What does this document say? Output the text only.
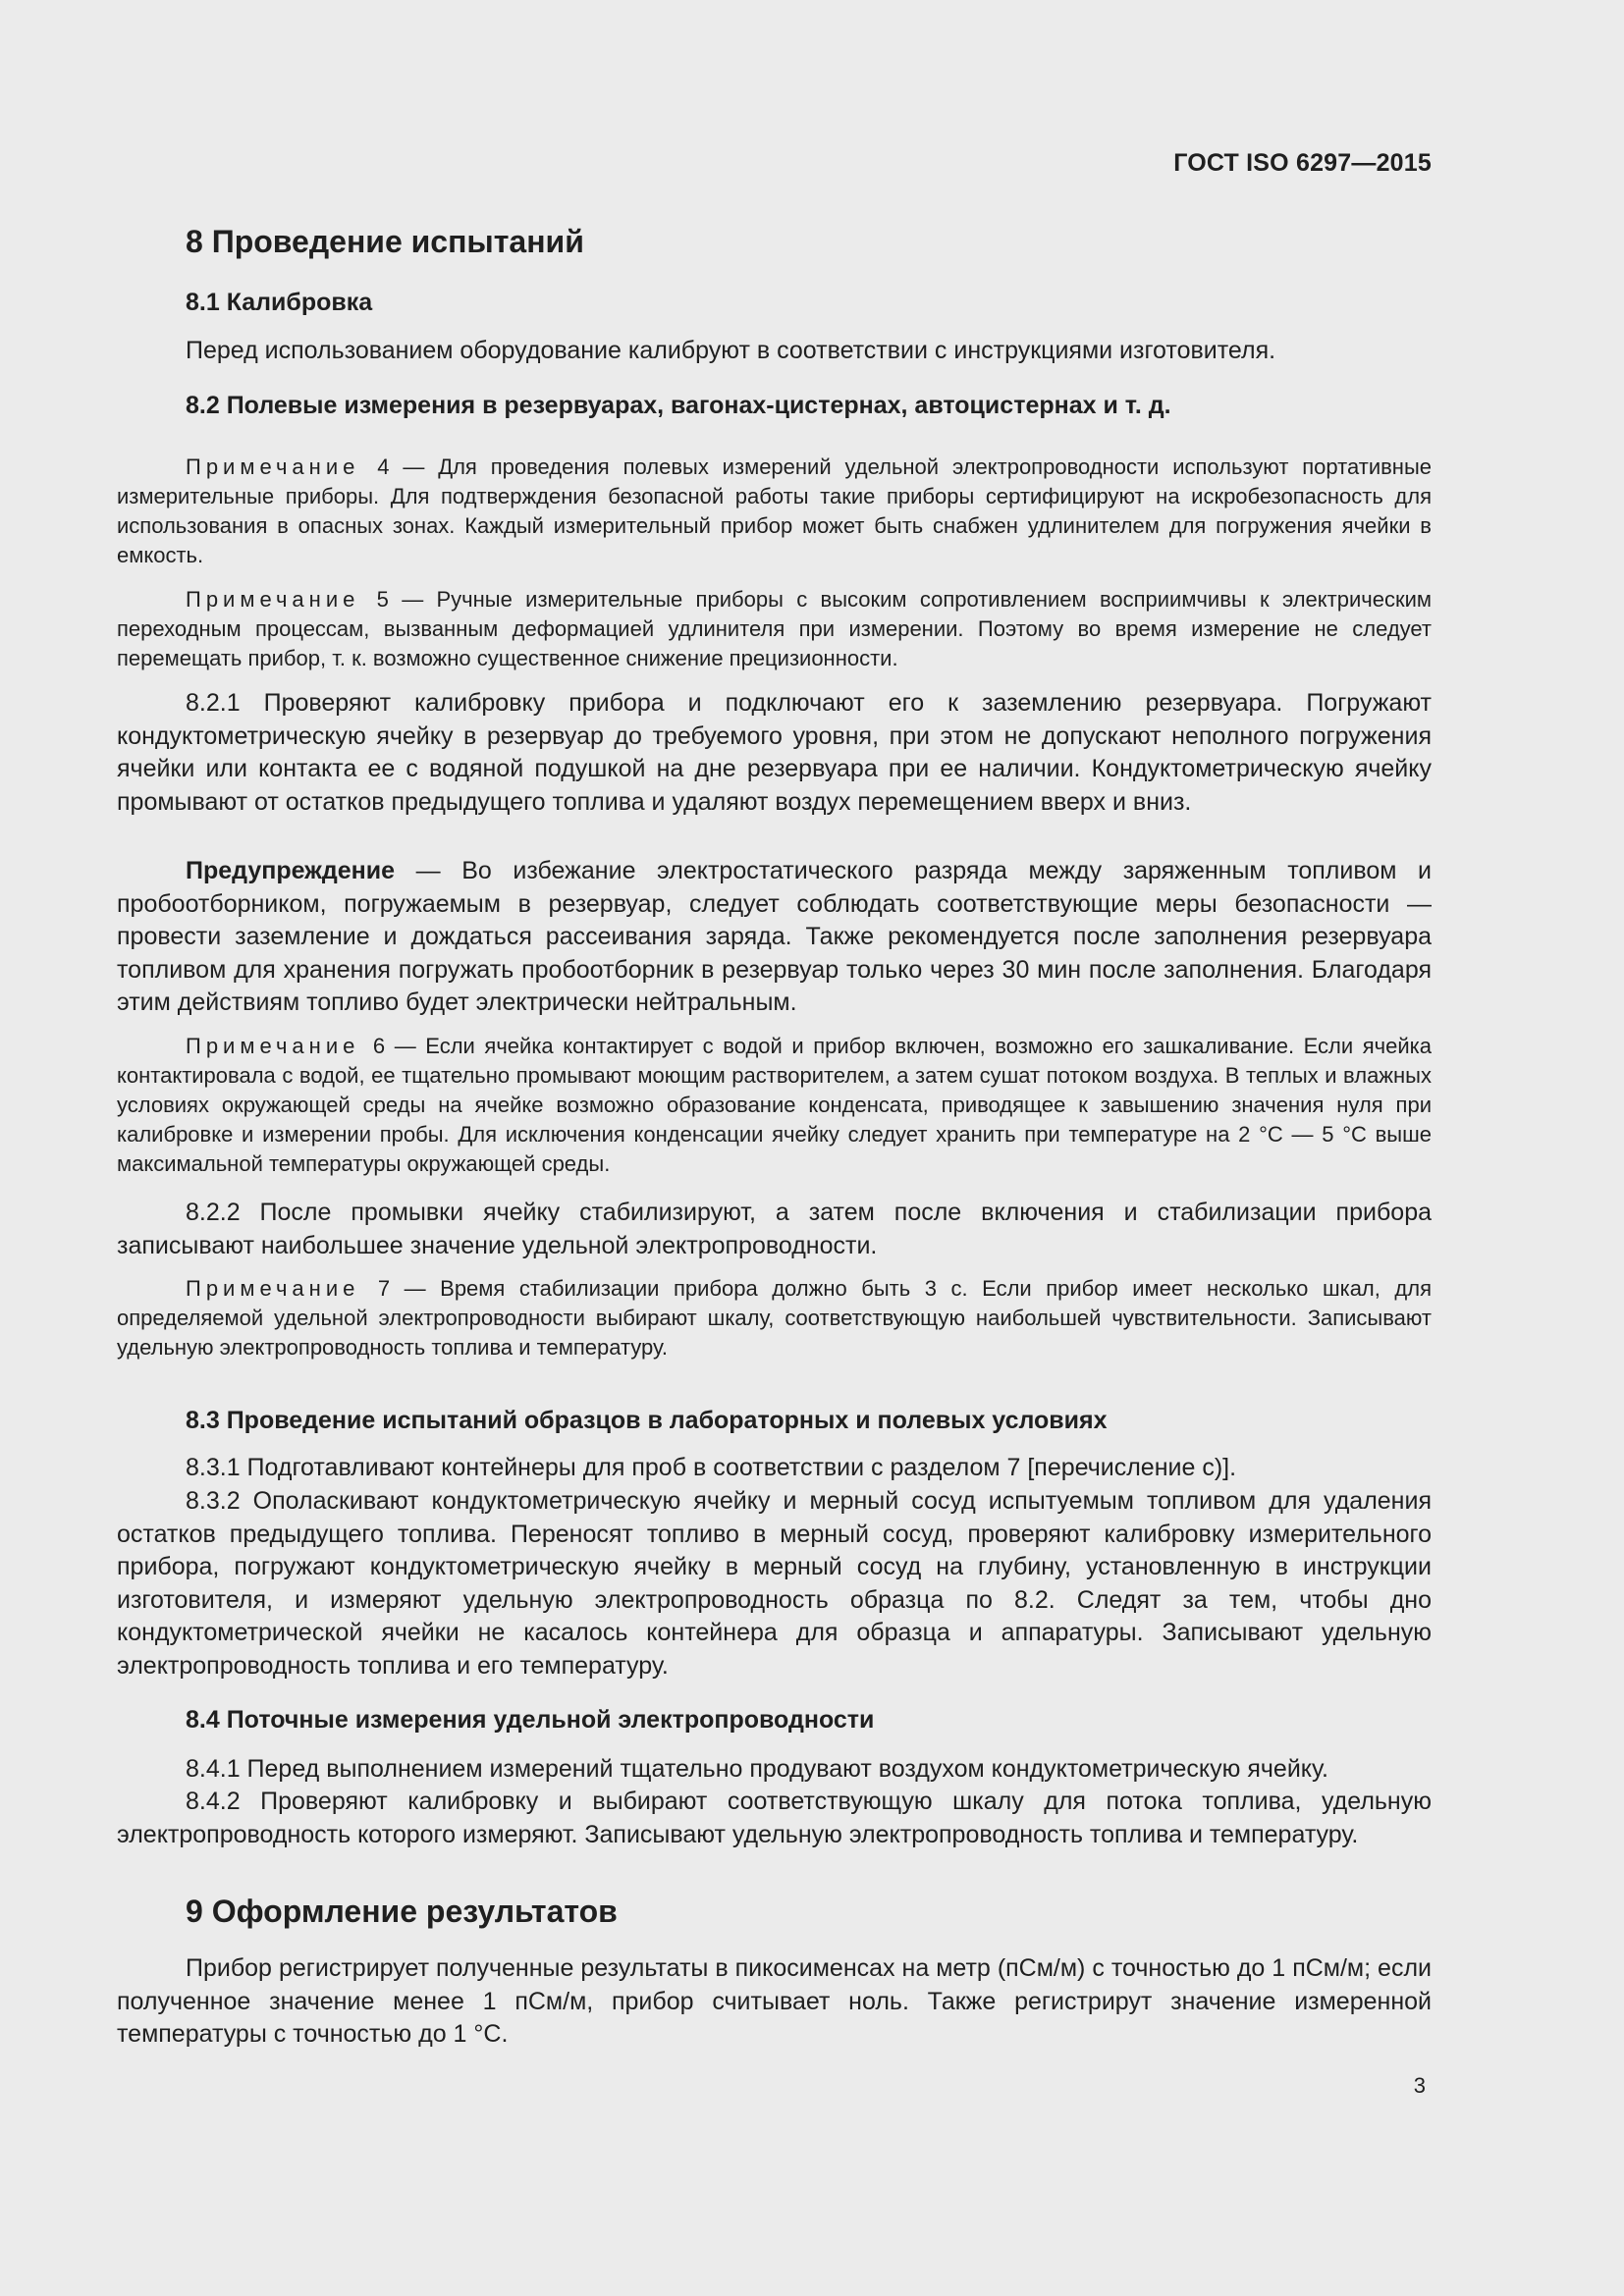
ГОСТ ISO 6297—2015
8 Проведение испытаний
8.1 Калибровка
Перед использованием оборудование калибруют в соответствии с инструкциями изготовителя.
8.2 Полевые измерения в резервуарах, вагонах-цистернах, автоцистернах и т. д.
Примечание 4 — Для проведения полевых измерений удельной электропроводности используют портативные измерительные приборы. Для подтверждения безопасной работы такие приборы сертифицируют на искробезопасность для использования в опасных зонах. Каждый измерительный прибор может быть снабжен удлинителем для погружения ячейки в емкость.
Примечание 5 — Ручные измерительные приборы с высоким сопротивлением восприимчивы к электрическим переходным процессам, вызванным деформацией удлинителя при измерении. Поэтому во время измерение не следует перемещать прибор, т. к. возможно существенное снижение прецизионности.
8.2.1 Проверяют калибровку прибора и подключают его к заземлению резервуара. Погружают кондуктометрическую ячейку в резервуар до требуемого уровня, при этом не допускают неполного погружения ячейки или контакта ее с водяной подушкой на дне резервуара при ее наличии. Кондуктометрическую ячейку промывают от остатков предыдущего топлива и удаляют воздух перемещением вверх и вниз.
Предупреждение — Во избежание электростатического разряда между заряженным топливом и пробоотборником, погружаемым в резервуар, следует соблюдать соответствующие меры безопасности — провести заземление и дождаться рассеивания заряда. Также рекомендуется после заполнения резервуара топливом для хранения погружать пробоотборник в резервуар только через 30 мин после заполнения. Благодаря этим действиям топливо будет электрически нейтральным.
Примечание 6 — Если ячейка контактирует с водой и прибор включен, возможно его зашкаливание. Если ячейка контактировала с водой, ее тщательно промывают моющим растворителем, а затем сушат потоком воздуха. В теплых и влажных условиях окружающей среды на ячейке возможно образование конденсата, приводящее к завышению значения нуля при калибровке и измерении пробы. Для исключения конденсации ячейку следует хранить при температуре на 2 °C — 5 °C выше максимальной температуры окружающей среды.
8.2.2 После промывки ячейку стабилизируют, а затем после включения и стабилизации прибора записывают наибольшее значение удельной электропроводности.
Примечание 7 — Время стабилизации прибора должно быть 3 с. Если прибор имеет несколько шкал, для определяемой удельной электропроводности выбирают шкалу, соответствующую наибольшей чувствительности. Записывают удельную электропроводность топлива и температуру.
8.3 Проведение испытаний образцов в лабораторных и полевых условиях
8.3.1 Подготавливают контейнеры для проб в соответствии с разделом 7 [перечисление с)].
8.3.2 Ополаскивают кондуктометрическую ячейку и мерный сосуд испытуемым топливом для удаления остатков предыдущего топлива. Переносят топливо в мерный сосуд, проверяют калибровку измерительного прибора, погружают кондуктометрическую ячейку в мерный сосуд на глубину, установленную в инструкции изготовителя, и измеряют удельную электропроводность образца по 8.2. Следят за тем, чтобы дно кондуктометрической ячейки не касалось контейнера для образца и аппаратуры. Записывают удельную электропроводность топлива и его температуру.
8.4 Поточные измерения удельной электропроводности
8.4.1 Перед выполнением измерений тщательно продувают воздухом кондуктометрическую ячейку.
8.4.2 Проверяют калибровку и выбирают соответствующую шкалу для потока топлива, удельную электропроводность которого измеряют. Записывают удельную электропроводность топлива и температуру.
9 Оформление результатов
Прибор регистрирует полученные результаты в пикосименсах на метр (пСм/м) с точностью до 1 пСм/м; если полученное значение менее 1 пСм/м, прибор считывает ноль. Также регистрирут значение измеренной температуры с точностью до 1 °C.
3
